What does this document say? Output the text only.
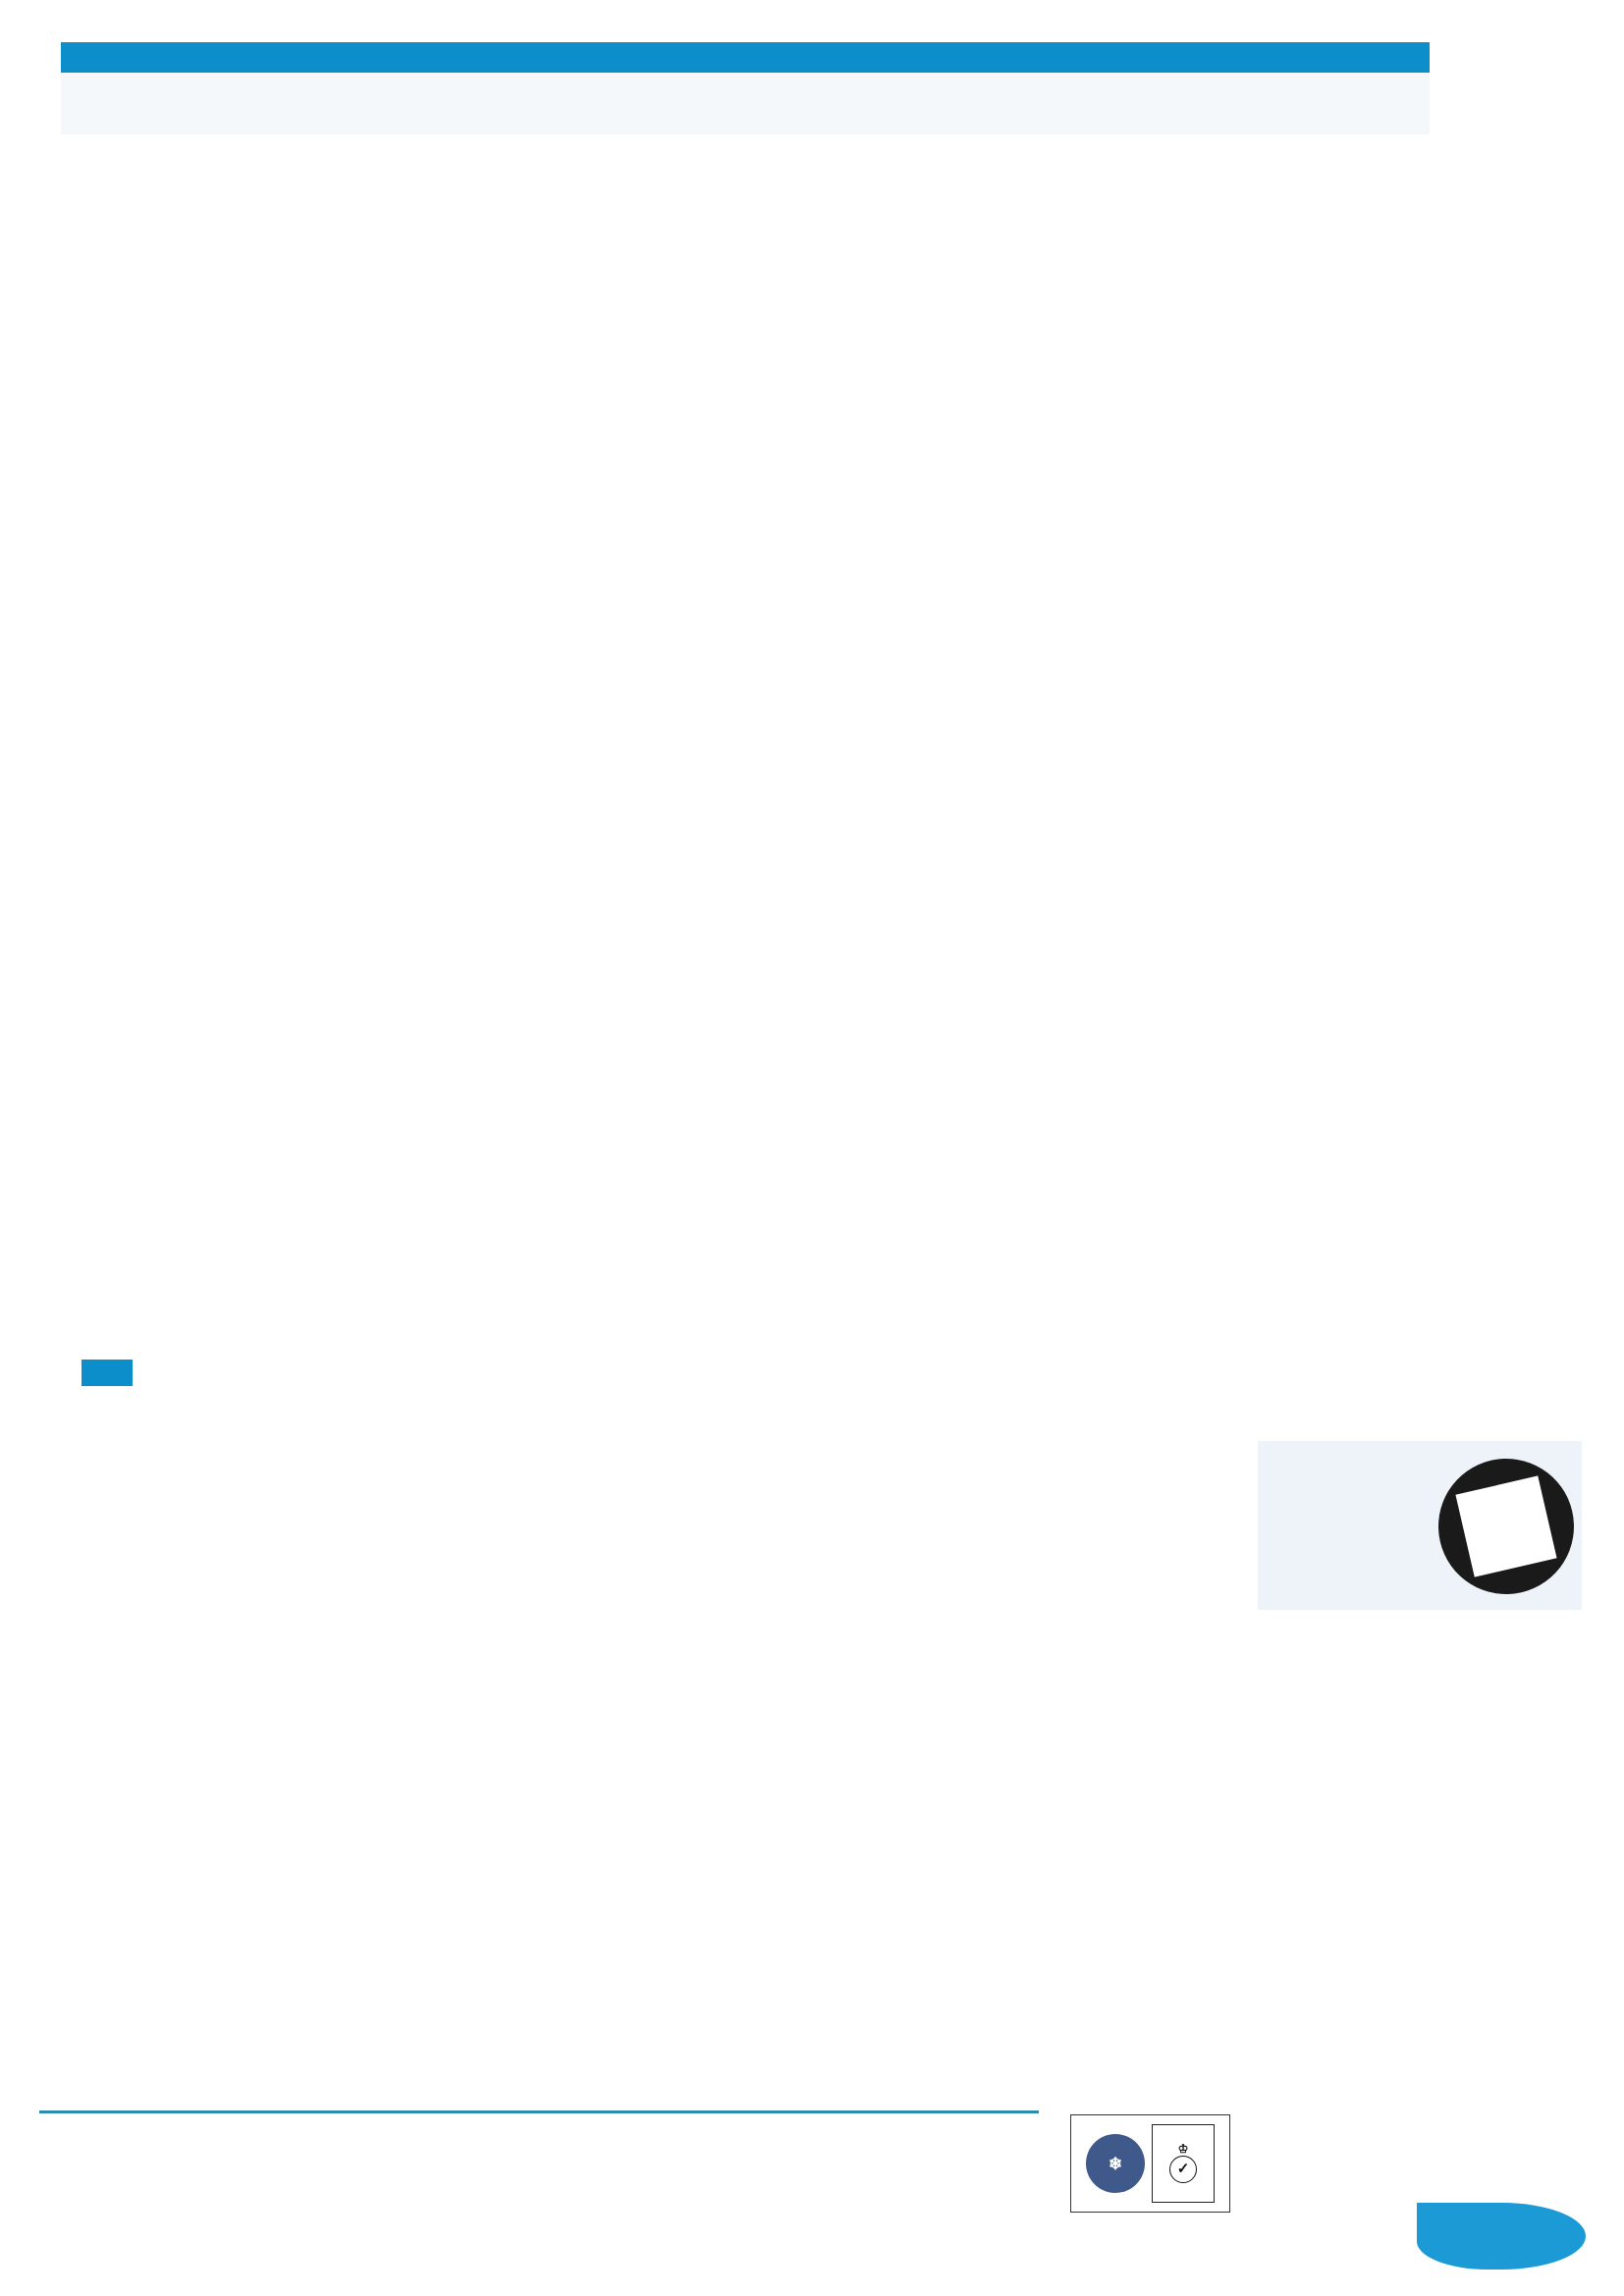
❄
♔
✓
